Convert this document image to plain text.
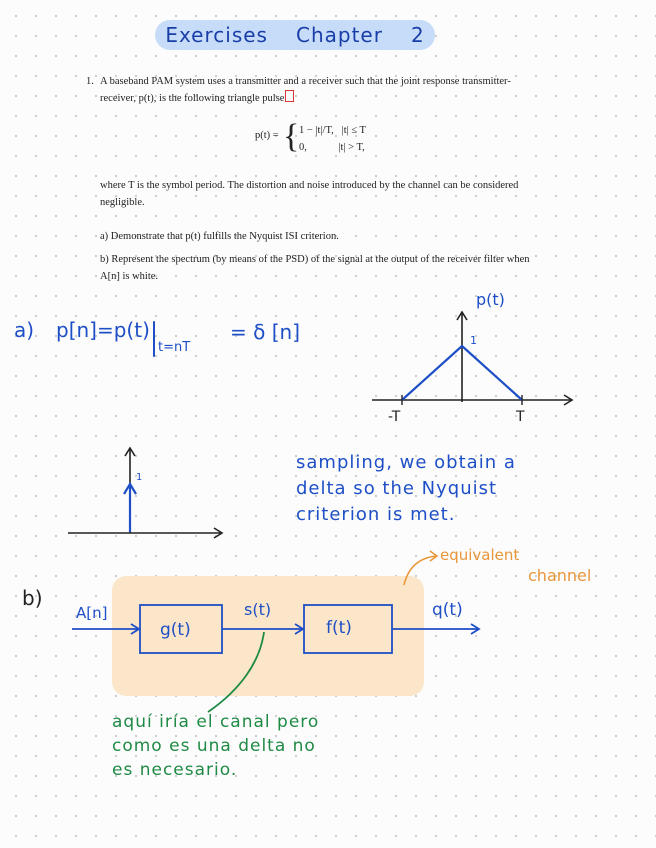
Exercises Chapter 2
1. A baseband PAM system uses a transmitter and a receiver such that the joint response transmitter-receiver, p(t), is the following triangle pulse
p(t) = { 1 − |t|/T, |t| ≤ T
0,	|t| > T,
where T is the symbol period. The distortion and noise introduced by the channel can be considered negligible.
a) Demonstrate that p(t) fulfills the Nyquist ISI criterion.
b) Represent the spectrum (by means of the PSD) of the signal at the output of the receiver filter when A[n] is white.
a) p[n]=p(t)
t=nT
= δ [n]
p(t)
1
-T	T
1
sampling, we obtain a
delta so the Nyquist
criterion is met.
b)
A[n]
g(t)
s(t)
f(t)
q(t)
equivalent
channel
aquí iría el canal pero
como es una delta no
es necesario.
